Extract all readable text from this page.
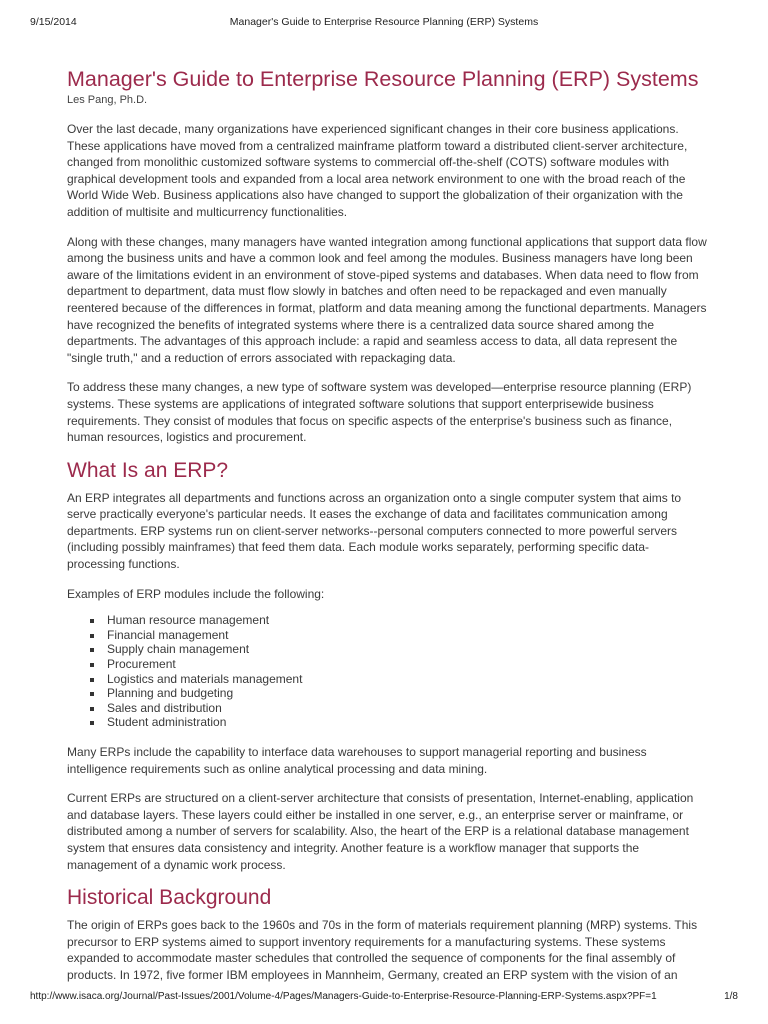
9/15/2014	Manager's Guide to Enterprise Resource Planning (ERP) Systems
Manager's Guide to Enterprise Resource Planning (ERP) Systems
Les Pang, Ph.D.

Over the last decade, many organizations have experienced significant changes in their core business applications. These applications have moved from a centralized mainframe platform toward a distributed client-server architecture, changed from monolithic customized software systems to commercial off-the-shelf (COTS) software modules with graphical development tools and expanded from a local area network environment to one with the broad reach of the World Wide Web. Business applications also have changed to support the globalization of their organization with the addition of multisite and multicurrency functionalities.

Along with these changes, many managers have wanted integration among functional applications that support data flow among the business units and have a common look and feel among the modules. Business managers have long been aware of the limitations evident in an environment of stove-piped systems and databases. When data need to flow from department to department, data must flow slowly in batches and often need to be repackaged and even manually reentered because of the differences in format, platform and data meaning among the functional departments. Managers have recognized the benefits of integrated systems where there is a centralized data source shared among the departments. The advantages of this approach include: a rapid and seamless access to data, all data represent the "single truth," and a reduction of errors associated with repackaging data.

To address these many changes, a new type of software system was developed—enterprise resource planning (ERP) systems. These systems are applications of integrated software solutions that support enterprisewide business requirements. They consist of modules that focus on specific aspects of the enterprise's business such as finance, human resources, logistics and procurement.

What Is an ERP?

An ERP integrates all departments and functions across an organization onto a single computer system that aims to serve practically everyone's particular needs. It eases the exchange of data and facilitates communication among departments. ERP systems run on client-server networks--personal computers connected to more powerful servers (including possibly mainframes) that feed them data. Each module works separately, performing specific data-processing functions.

Examples of ERP modules include the following:

Human resource management
Financial management
Supply chain management
Procurement
Logistics and materials management
Planning and budgeting
Sales and distribution
Student administration

Many ERPs include the capability to interface data warehouses to support managerial reporting and business intelligence requirements such as online analytical processing and data mining.

Current ERPs are structured on a client-server architecture that consists of presentation, Internet-enabling, application and database layers. These layers could either be installed in one server, e.g., an enterprise server or mainframe, or distributed among a number of servers for scalability. Also, the heart of the ERP is a relational database management system that ensures data consistency and integrity. Another feature is a workflow manager that supports the management of a dynamic work process.

Historical Background

The origin of ERPs goes back to the 1960s and 70s in the form of materials requirement planning (MRP) systems. This precursor to ERP systems aimed to support inventory requirements for a manufacturing systems. These systems expanded to accommodate master schedules that controlled the sequence of components for the final assembly of products. In 1972, five former IBM employees in Mannheim, Germany, created an ERP system with the vision of an

http://www.isaca.org/Journal/Past-Issues/2001/Volume-4/Pages/Managers-Guide-to-Enterprise-Resource-Planning-ERP-Systems.aspx?PF=1	1/8
